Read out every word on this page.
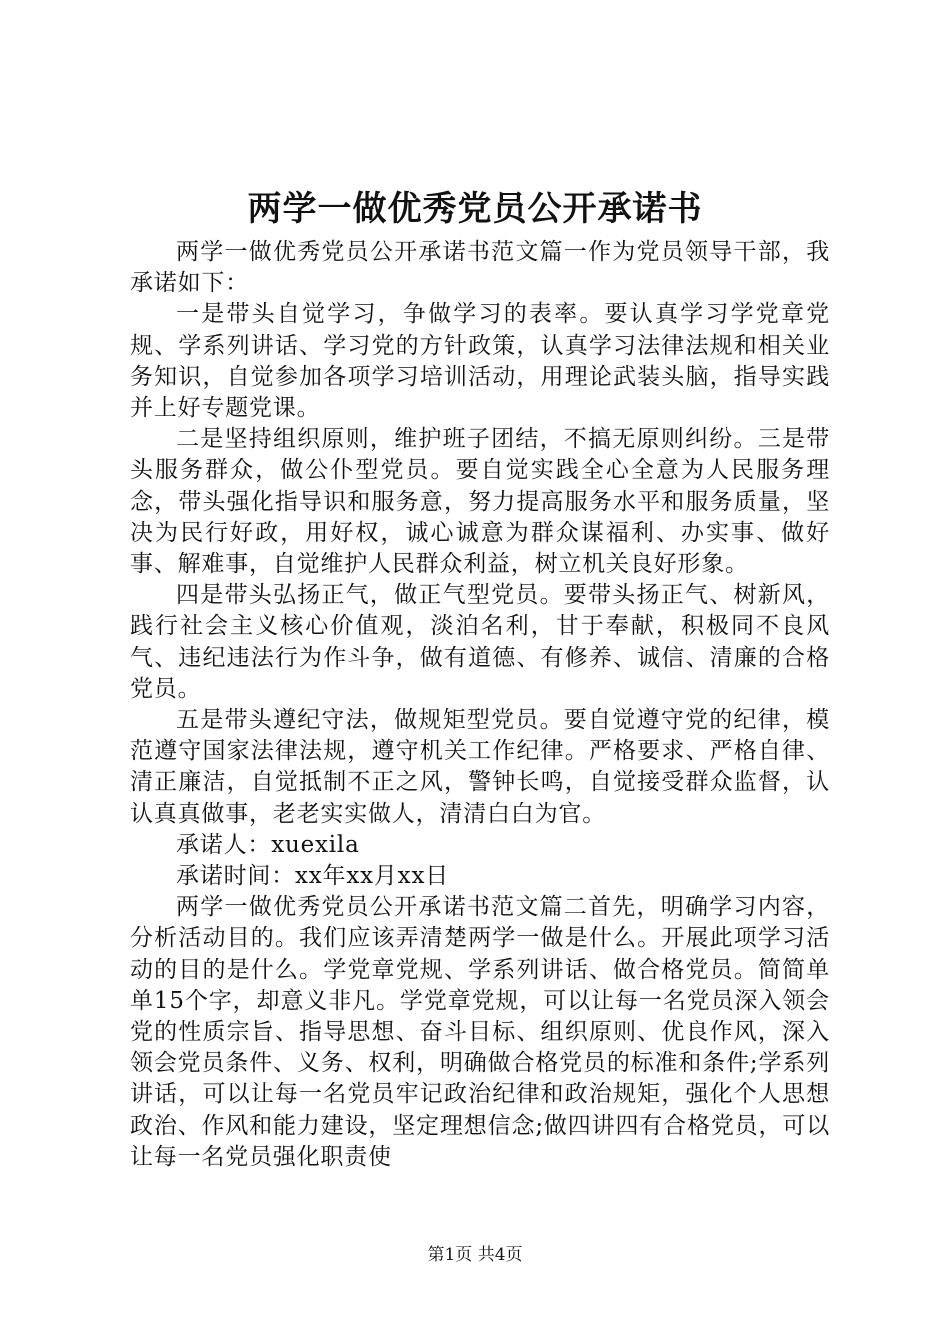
两学一做优秀党员公开承诺书

两学一做优秀党员公开承诺书范文篇一作为党员领导干部，我承诺如下：

一是带头自觉学习，争做学习的表率。要认真学习学党章党规、学系列讲话、学习党的方针政策，认真学习法律法规和相关业务知识，自觉参加各项学习培训活动，用理论武装头脑，指导实践并上好专题党课。

二是坚持组织原则，维护班子团结，不搞无原则纠纷。三是带头服务群众，做公仆型党员。要自觉实践全心全意为人民服务理念，带头强化指导识和服务意，努力提高服务水平和服务质量，坚决为民行好政，用好权，诚心诚意为群众谋福利、办实事、做好事、解难事，自觉维护人民群众利益，树立机关良好形象。

四是带头弘扬正气，做正气型党员。要带头扬正气、树新风，践行社会主义核心价值观，淡泊名利，甘于奉献，积极同不良风气、违纪违法行为作斗争，做有道德、有修养、诚信、清廉的合格党员。

五是带头遵纪守法，做规矩型党员。要自觉遵守党的纪律，模范遵守国家法律法规，遵守机关工作纪律。严格要求、严格自律、清正廉洁，自觉抵制不正之风，警钟长鸣，自觉接受群众监督，认认真真做事，老老实实做人，清清白白为官。

承诺人：xuexila

承诺时间：xx年xx月xx日

两学一做优秀党员公开承诺书范文篇二首先，明确学习内容，分析活动目的。我们应该弄清楚两学一做是什么。开展此项学习活动的目的是什么。学党章党规、学系列讲话、做合格党员。简简单单15个字，却意义非凡。学党章党规，可以让每一名党员深入领会党的性质宗旨、指导思想、奋斗目标、组织原则、优良作风，深入领会党员条件、义务、权利，明确做合格党员的标准和条件;学系列讲话，可以让每一名党员牢记政治纪律和政治规矩，强化个人思想政治、作风和能力建设，坚定理想信念;做四讲四有合格党员，可以让每一名党员强化职责使

第1页 共4页
